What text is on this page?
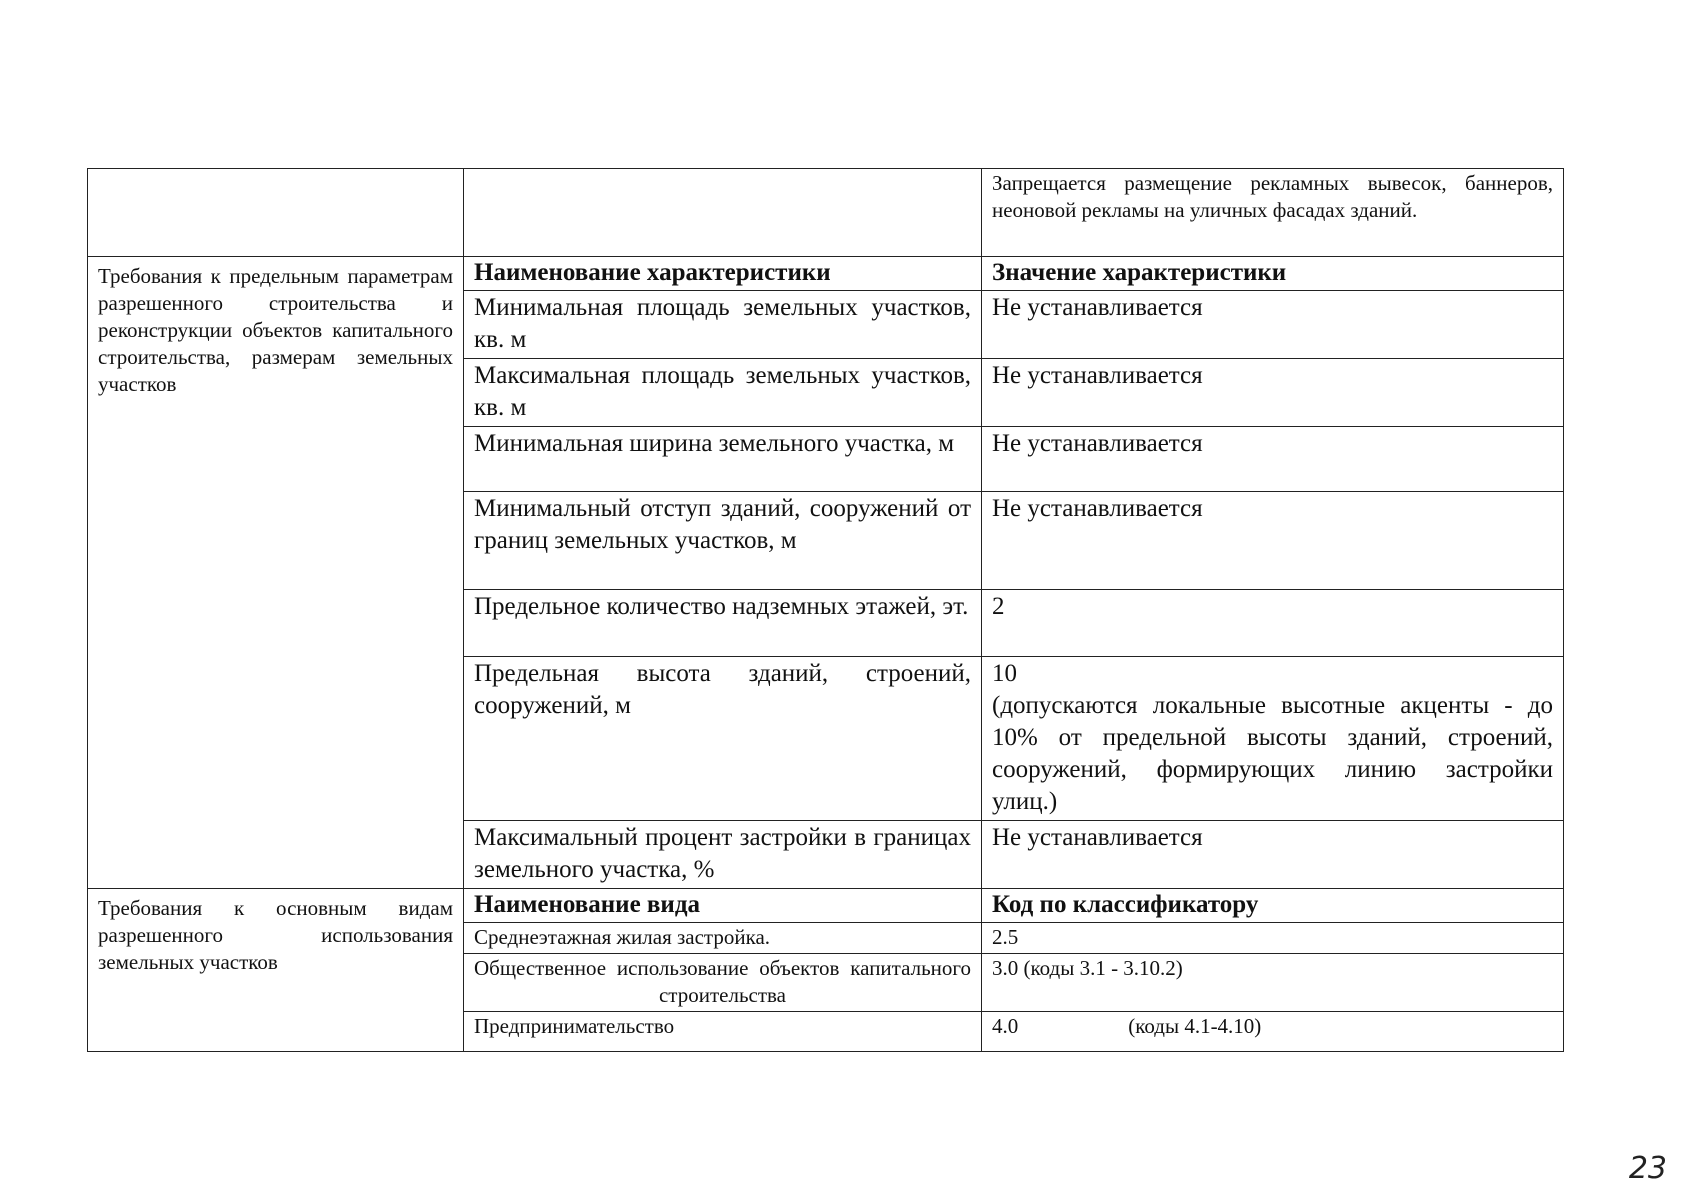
		Запрещается размещение рекламных вывесок, баннеров, неоновой рекламы на уличных фасадах зданий.
Требования к предельным параметрам разрешенного строительства и реконструкции объектов капитального строительства, размерам земельных участков	Наименование характеристики	Значение характеристики
	Минимальная площадь земельных участков, кв. м	Не устанавливается
	Максимальная площадь земельных участков, кв. м	Не устанавливается
	Минимальная ширина земельного участка, м	Не устанавливается
	Минимальный отступ зданий, сооружений от границ земельных участков, м	Не устанавливается
	Предельное количество надземных этажей, эт.	2
	Предельная высота зданий, строений, сооружений, м	10
(допускаются локальные высотные акценты - до 10% от предельной высоты зданий, строений, сооружений, формирующих линию застройки улиц.)

	Максимальный процент застройки в границах земельного участка, %	Не устанавливается
Требования к основным видам разрешенного использования земельных участков	Наименование вида	Код по классификатору
	Среднеэтажная жилая застройка.	2.5
	Общественное использование объектов капитального строительства	3.0 (коды 3.1 - 3.10.2)
	Предпринимательство	4.0 (коды 4.1-4.10)
23
